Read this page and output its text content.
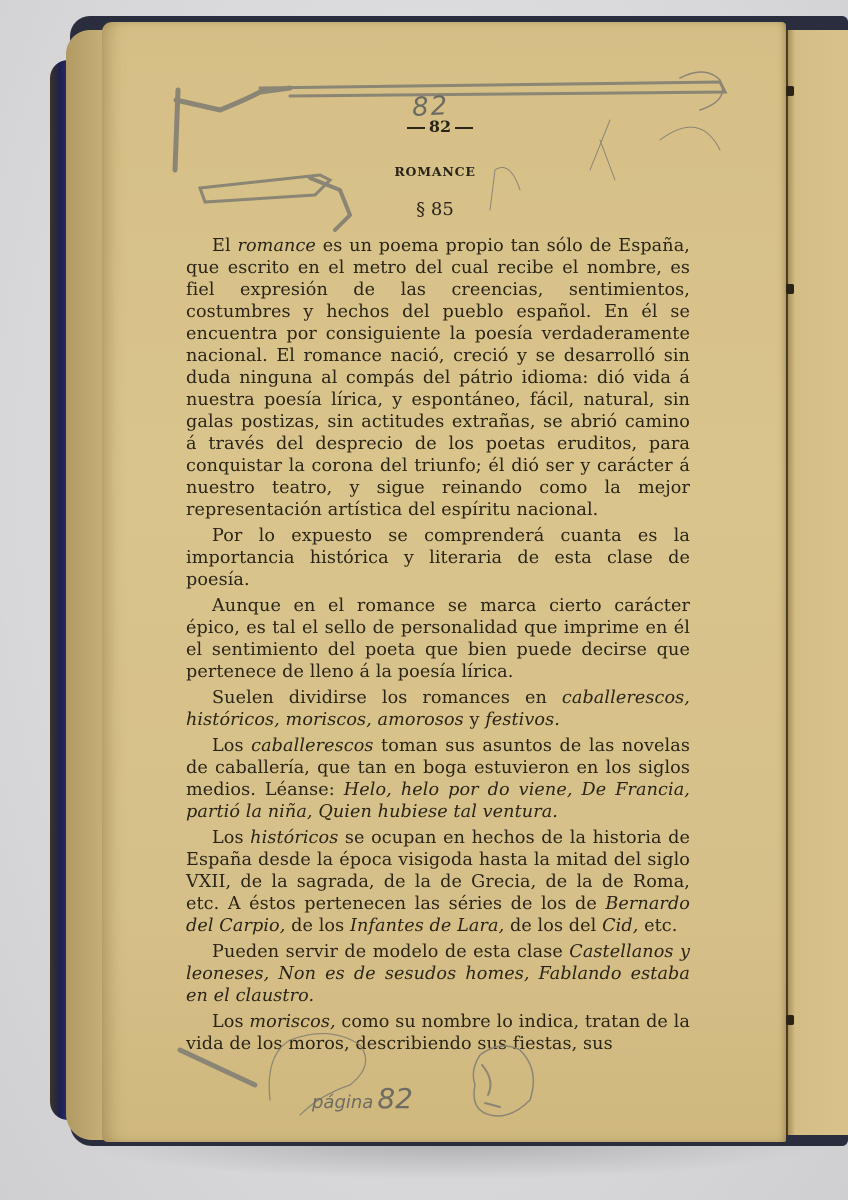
82
82
ROMANCE
§ 85

El romance es un poema propio tan sólo de España, que escrito en el metro del cual recibe el nombre, es fiel expresión de las creencias, sentimientos, costumbres y hechos del pueblo español. En él se encuentra por consiguiente la poesía verdaderamente nacional. El romance nació, creció y se desarrolló sin duda ninguna al compás del pátrio idioma: dió vida á nuestra poesía lírica, y espontáneo, fácil, natural, sin galas postizas, sin actitudes extrañas, se abrió camino á través del desprecio de los poetas eruditos, para conquistar la corona del triunfo; él dió ser y carácter á nuestro teatro, y sigue reinando como la mejor representación artística del espíritu nacional.

Por lo expuesto se comprenderá cuanta es la importancia histórica y literaria de esta clase de poesía.

Aunque en el romance se marca cierto carácter épico, es tal el sello de personalidad que imprime en él el sentimiento del poeta que bien puede decirse que pertenece de lleno á la poesía lírica.

Suelen dividirse los romances en caballerescos, históricos, moriscos, amorosos y festivos.

Los caballerescos toman sus asuntos de las novelas de caballería, que tan en boga estuvieron en los siglos medios. Léanse: Helo, helo por do viene, De Francia, partió la niña, Quien hubiese tal ventura.

Los históricos se ocupan en hechos de la historia de España desde la época visigoda hasta la mitad del siglo VXII, de la sagrada, de la de Grecia, de la de Roma, etc. A éstos pertenecen las séries de los de Bernardo del Carpio, de los Infantes de Lara, de los del Cid, etc.

Pueden servir de modelo de esta clase Castellanos y leoneses, Non es de sesudos homes, Fablando estaba en el claustro.

Los moriscos, como su nombre lo indica, tratan de la vida de los moros, describiendo sus fiestas, sus

página 82
